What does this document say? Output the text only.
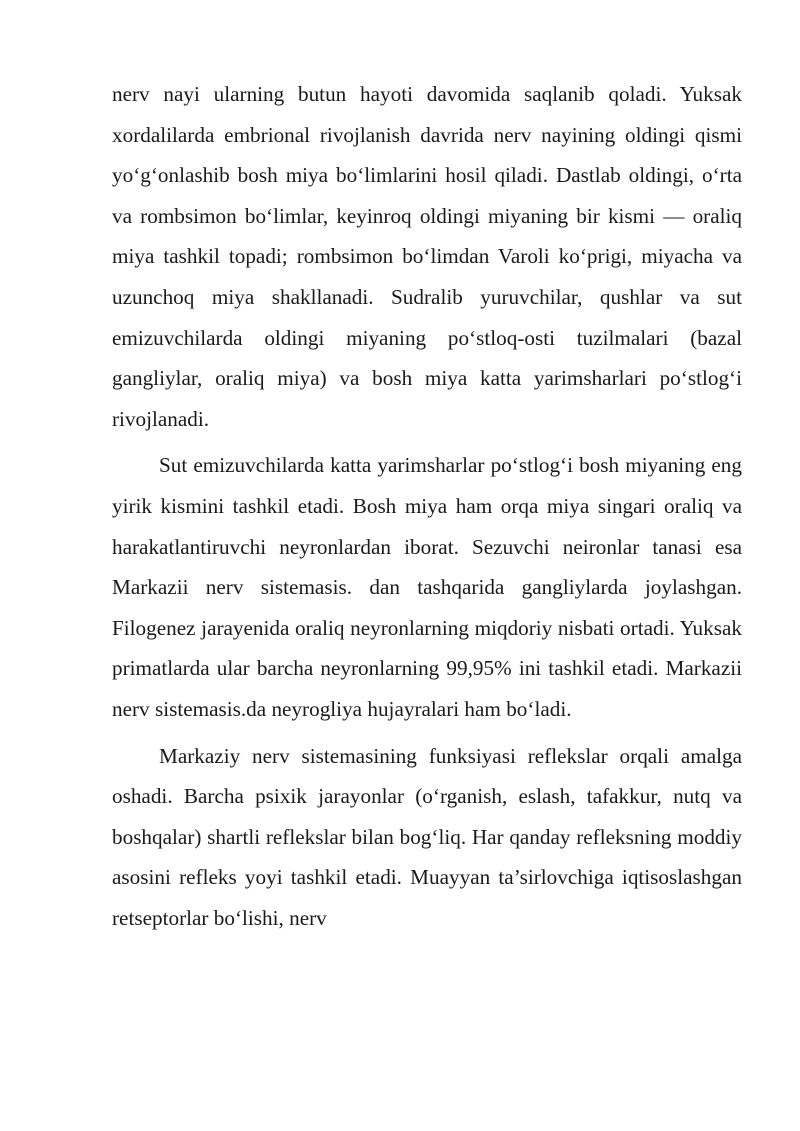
nerv nayi ularning butun hayoti davomida saqlanib qoladi. Yuksak xordalilarda embrional rivojlanish davrida nerv nayining oldingi qismi yo‘g‘onlashib bosh miya bo‘limlarini hosil qiladi. Dastlab oldingi, o‘rta va rombsimon bo‘limlar, keyinroq oldingi miyaning bir kismi — oraliq miya tashkil topadi; rombsimon bo‘limdan Varoli ko‘prigi, miyacha va uzunchoq miya shakllanadi. Sudralib yuruvchilar, qushlar va sut emizuvchilarda oldingi miyaning po‘stloq-osti tuzilmalari (bazal gangliylar, oraliq miya) va bosh miya katta yarimsharlari po‘stlog‘i rivojlanadi.

Sut emizuvchilarda katta yarimsharlar po‘stlog‘i bosh miyaning eng yirik kismini tashkil etadi. Bosh miya ham orqa miya singari oraliq va harakatlantiruvchi neyronlardan iborat. Sezuvchi neironlar tanasi esa Markazii nerv sistemasis. dan tashqarida gangliylarda joylashgan. Filogenez jarayenida oraliq neyronlarning miqdoriy nisbati ortadi. Yuksak primatlarda ular barcha neyronlarning 99,95% ini tashkil etadi. Markazii nerv sistemasis.da neyrogliya hujayralari ham bo‘ladi.

Markaziy nerv sistemasining funksiyasi reflekslar orqali amalga oshadi. Barcha psixik jarayonlar (o‘rganish, eslash, tafakkur, nutq va boshqalar) shartli reflekslar bilan bog‘liq. Har qanday refleksning moddiy asosini refleks yoyi tashkil etadi. Muayyan ta’sirlovchiga iqtisoslashgan retseptorlar bo‘lishi, nerv
